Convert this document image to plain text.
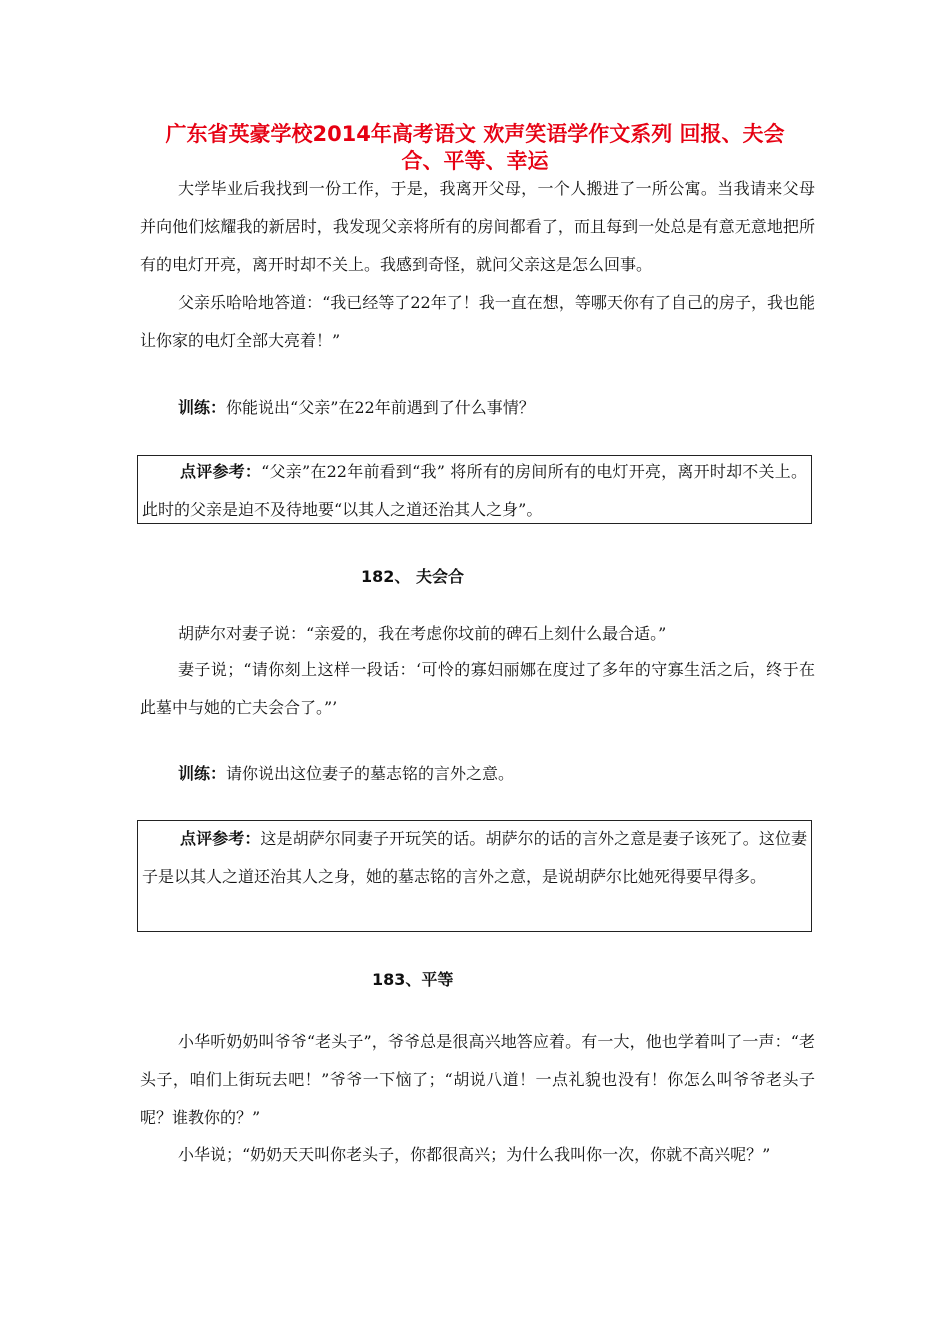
广东省英豪学校2014年高考语文 欢声笑语学作文系列 回报、夫会
合、平等、幸运

大学毕业后我找到一份工作，于是，我离开父母，一个人搬进了一所公寓。当我请来父母并向他们炫耀我的新居时，我发现父亲将所有的房间都看了，而且每到一处总是有意无意地把所有的电灯开亮，离开时却不关上。我感到奇怪，就问父亲这是怎么回事。

父亲乐哈哈地答道：“我已经等了22年了！我一直在想，等哪天你有了自己的房子，我也能让你家的电灯全部大亮着！”

训练：你能说出“父亲”在22年前遇到了什么事情？

点评参考：“父亲”在22年前看到“我” 将所有的房间所有的电灯开亮，离开时却不关上。此时的父亲是迫不及待地要“以其人之道还治其人之身”。

182、 夫会合

胡萨尔对妻子说：“亲爱的，我在考虑你坟前的碑石上刻什么最合适。”

妻子说；“请你刻上这样一段话：‘可怜的寡妇丽娜在度过了多年的守寡生活之后，终于在此墓中与她的亡夫会合了。”’

训练：请你说出这位妻子的墓志铭的言外之意。

点评参考：这是胡萨尔同妻子开玩笑的话。胡萨尔的话的言外之意是妻子该死了。这位妻子是以其人之道还治其人之身，她的墓志铭的言外之意，是说胡萨尔比她死得要早得多。

183、平等

小华听奶奶叫爷爷“老头子”，爷爷总是很高兴地答应着。有一大，他也学着叫了一声：“老头子，咱们上街玩去吧！”爷爷一下恼了；“胡说八道！一点礼貌也没有！你怎么叫爷爷老头子呢？谁教你的？”

小华说；“奶奶天天叫你老头子，你都很高兴；为什么我叫你一次，你就不高兴呢？”
